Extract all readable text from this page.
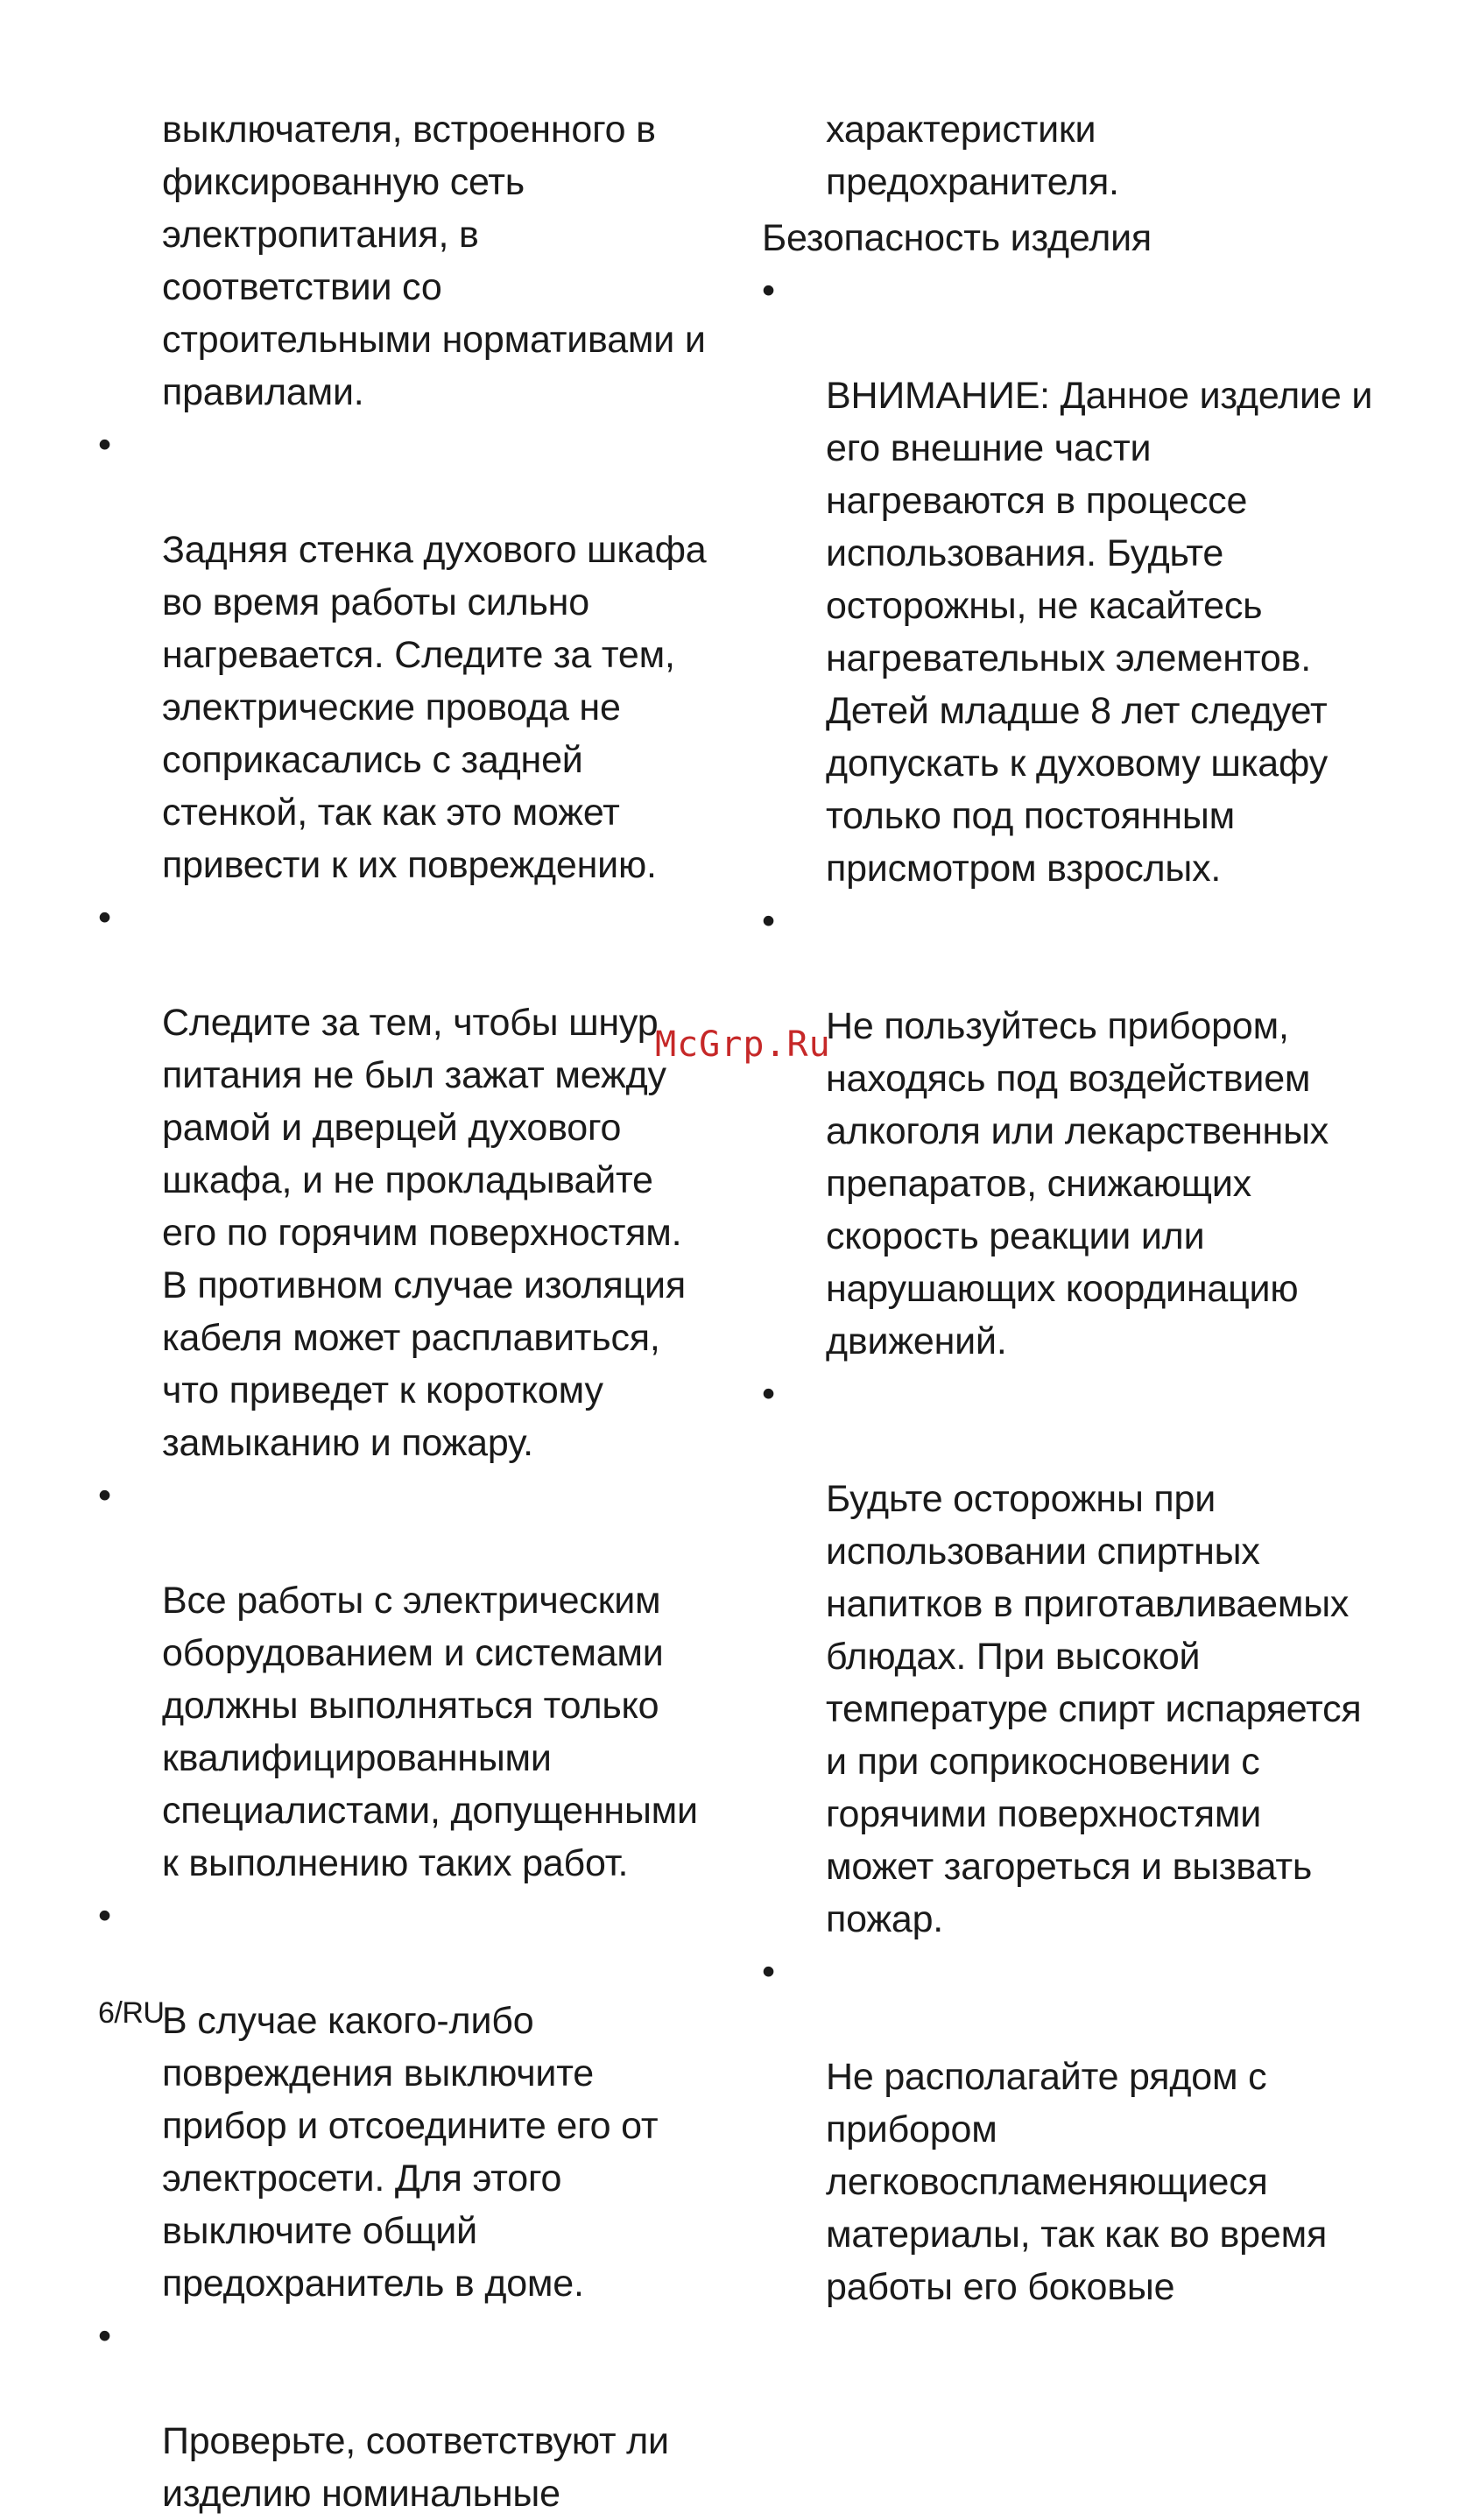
выключателя, встроенного в
фиксированную сеть
электропитания, в
соответствии со
строительными нормативами и
правилами.

•

Задняя стенка духового шкафа
во время работы сильно
нагревается. Следите за тем,
электрические провода не
соприкасались с задней
стенкой, так как это может
привести к их повреждению.

•

Следите за тем, чтобы шнур
питания не был зажат между
рамой и дверцей духового
шкафа, и не прокладывайте
его по горячим поверхностям.
В противном случае изоляция
кабеля может расплавиться,
что приведет к короткому
замыканию и пожару.

•

Все работы с электрическим
оборудованием и системами
должны выполняться только
квалифицированными
специалистами, допущенными
к выполнению таких работ.

•

В случае какого-либо
повреждения выключите
прибор и отсоедините его от
электросети. Для этого
выключите общий
предохранитель в доме.

•

Проверьте, соответствуют ли
изделию номинальные

характеристики
предохранителя.
Безопасность изделия

•

ВНИМАНИЕ: Данное изделие и
его внешние части
нагреваются в процессе
использования. Будьте
осторожны, не касайтесь
нагревательных элементов.
Детей младше 8 лет следует
допускать к духовому шкафу
только под постоянным
присмотром взрослых.

•

Не пользуйтесь прибором,
находясь под воздействием
алкоголя или лекарственных
препаратов, снижающих
скорость реакции или
нарушающих координацию
движений.

•

Будьте осторожны при
использовании спиртных
напитков в приготавливаемых
блюдах. При высокой
температуре спирт испаряется
и при соприкосновении с
горячими поверхностями
может загореться и вызвать
пожар.

•

Не располагайте рядом с
прибором
легковоспламеняющиеся
материалы, так как во время
работы его боковые

McGrp.Ru
6/RU
